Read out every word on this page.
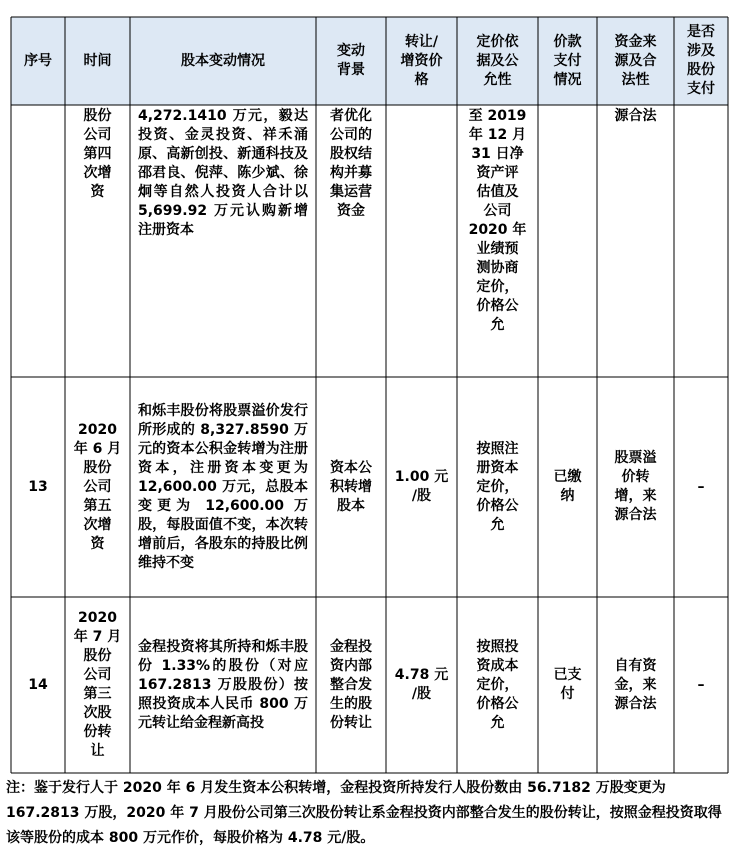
序号	时间	股本变动情况
变动
背景
转让/
增资价
格
定价依
据及公
允性
价款
支付
情况
资金来
源及合
法性
是否
涉及
股份
支付
股份
公司
第四
次增
资
4,272.1410 万元，毅达投资、金灵投资、祥禾涌原、高新创投、新通科技及邵君良、倪萍、陈少斌、徐炯等自然人投资人合计以 5,699.92 万元认购新增注册资本
者优化
公司的
股权结
构并募
集运营
资金
至 2019
年 12 月
31 日净
资产评
估值及
公司
2020 年
业绩预
测协商
定价，
价格公
允
源合法
13
2020
年 6 月
股份
公司
第五
次增
资
和烁丰股份将股票溢价发行所形成的 8,327.8590 万元的资本公积金转增为注册资本，注册资本变更为 12,600.00 万元，总股本变更为 12,600.00 万股，每股面值不变，本次转增前后，各股东的持股比例维持不变
资本公
积转增
股本
1.00 元
/股
按照注
册资本
定价，
价格公
允
已缴
纳
股票溢
价转
增，来
源合法
–
14
2020
年 7 月
股份
公司
第三
次股
份转
让
金程投资将其所持和烁丰股份 1.33%的股份（对应 167.2813 万股股份）按照投资成本人民币 800 万元转让给金程新高投
金程投
资内部
整合发
生的股
份转让
4.78 元
/股
按照投
资成本
定价，
价格公
允
已支
付
自有资
金，来
源合法
–
注：鉴于发行人于 2020 年 6 月发生资本公积转增，金程投资所持发行人股份数由 56.7182 万股变更为 167.2813 万股，2020 年 7 月股份公司第三次股份转让系金程投资内部整合发生的股份转让，按照金程投资取得该等股份的成本 800 万元作价，每股价格为 4.78 元/股。
